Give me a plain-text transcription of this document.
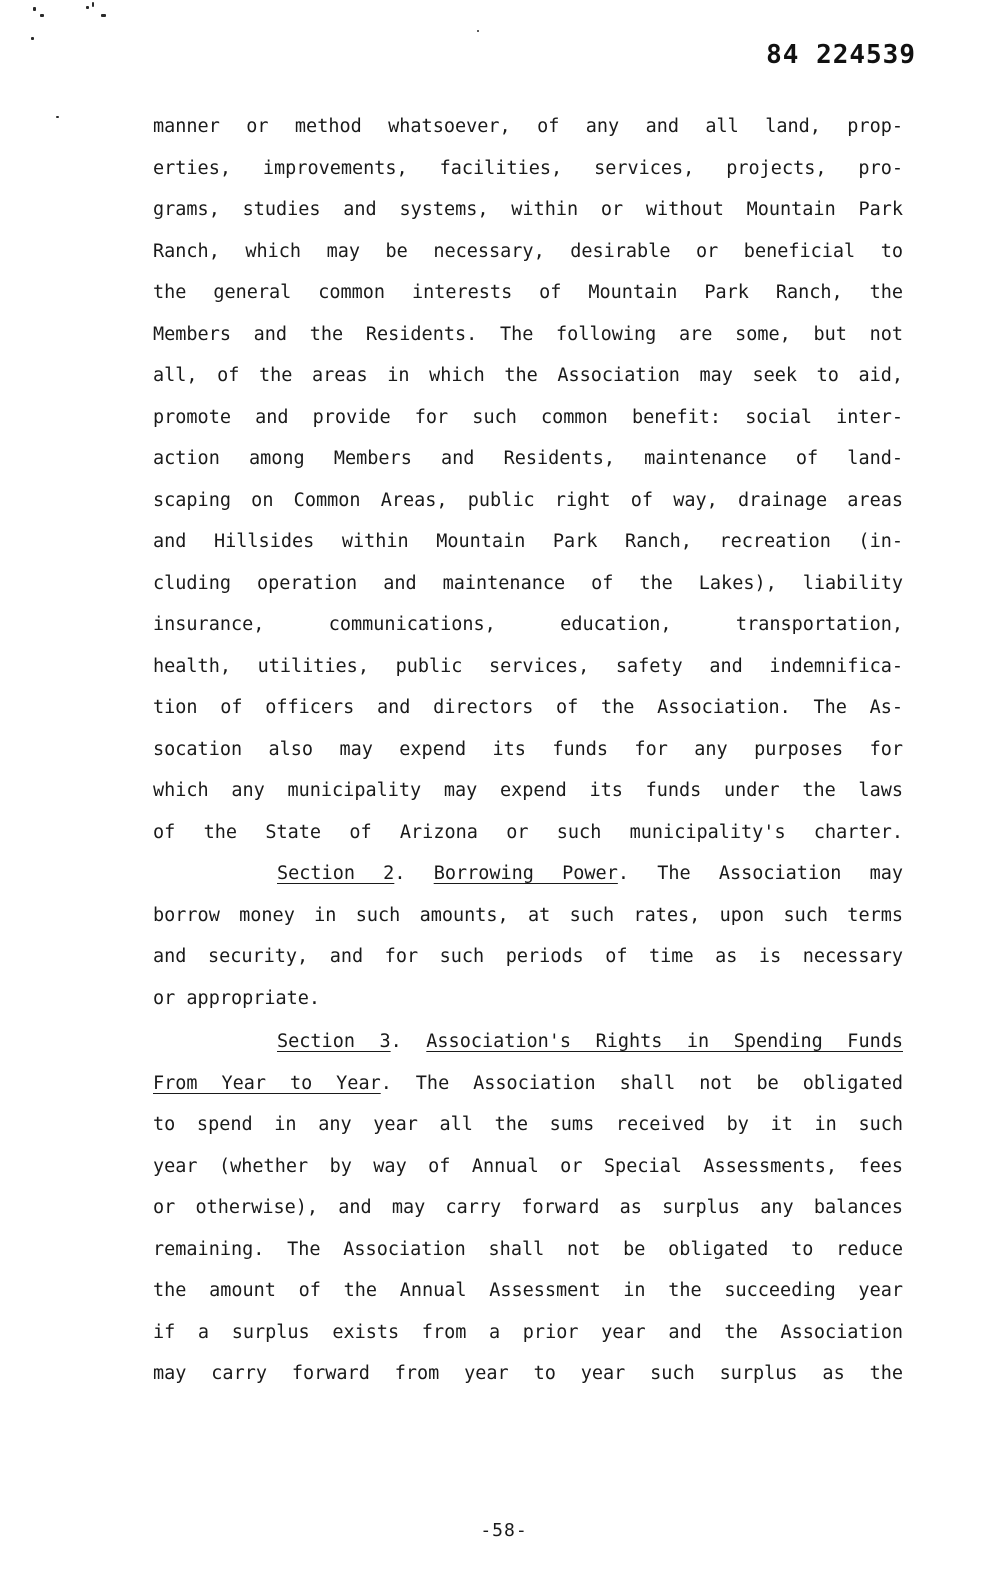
84 224539
manner or method whatsoever, of any and all land, prop-
erties, improvements, facilities, services, projects, pro-
grams, studies and systems, within or without Mountain Park
Ranch, which may be necessary, desirable or beneficial to
the general common interests of Mountain Park Ranch, the
Members and the Residents. The following are some, but not
all, of the areas in which the Association may seek to aid,
promote and provide for such common benefit: social inter-
action among Members and Residents, maintenance of land-
scaping on Common Areas, public right of way, drainage areas
and Hillsides within Mountain Park Ranch, recreation (in-
cluding operation and maintenance of the Lakes), liability
insurance, communications, education, transportation,
health, utilities, public services, safety and indemnifica-
tion of officers and directors of the Association. The As-
socation also may expend its funds for any purposes for
which any municipality may expend its funds under the laws
of the State of Arizona or such municipality's charter.
Section 2. Borrowing Power. The Association may
borrow money in such amounts, at such rates, upon such terms
and security, and for such periods of time as is necessary
or appropriate.
Section 3. Association's Rights in Spending Funds
From Year to Year. The Association shall not be obligated
to spend in any year all the sums received by it in such
year (whether by way of Annual or Special Assessments, fees
or otherwise), and may carry forward as surplus any balances
remaining. The Association shall not be obligated to reduce
the amount of the Annual Assessment in the succeeding year
if a surplus exists from a prior year and the Association
may carry forward from year to year such surplus as the
-58-
